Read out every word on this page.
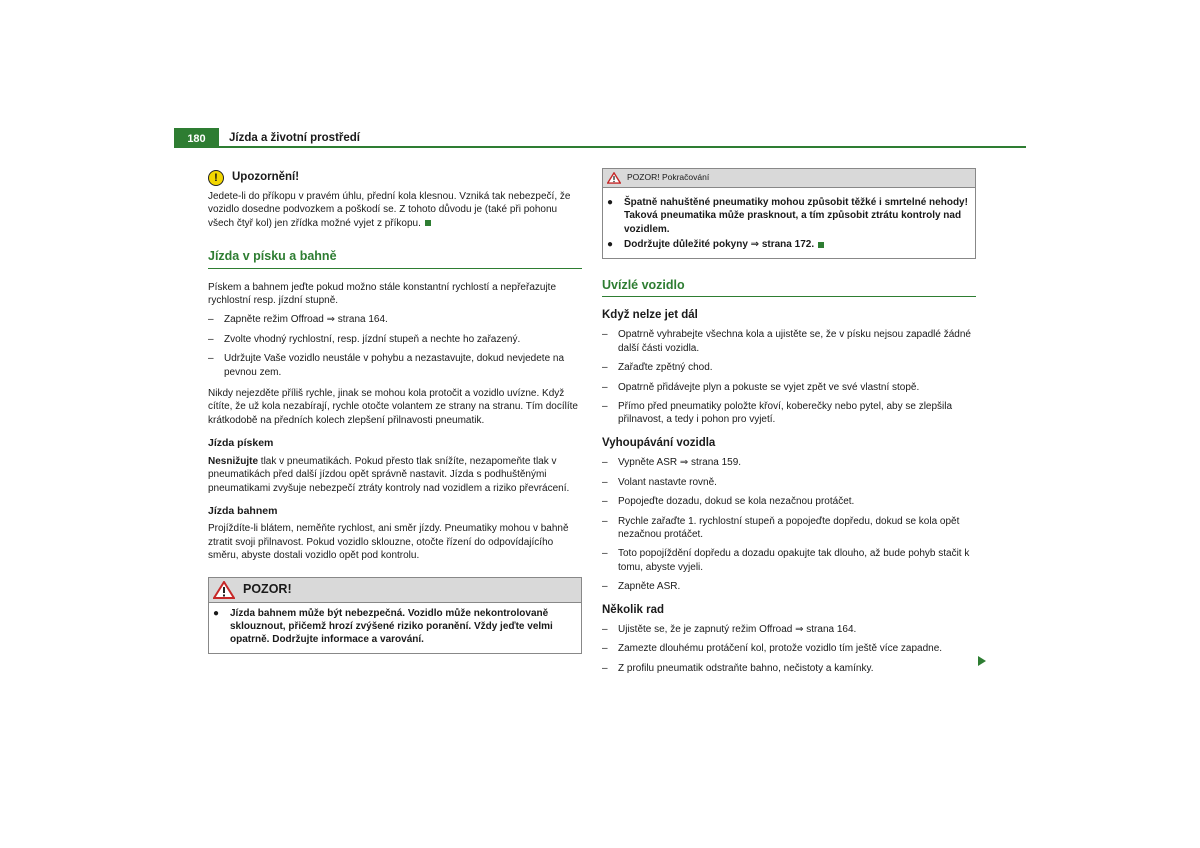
180	Jízda a životní prostředí
!	Upozornění!

Jedete-li do příkopu v pravém úhlu, přední kola klesnou. Vzniká tak nebezpečí, že vozidlo dosedne podvozkem a poškodí se. Z tohoto důvodu je (také při pohonu všech čtyř kol) jen zřídka možné vyjet z příkopu.

Jízda v písku a bahně

Pískem a bahnem jeďte pokud možno stále konstantní rychlostí a nepřeřazujte rychlostní resp. jízdní stupně.

– Zapněte režim Offroad ⇒ strana 164.
– Zvolte vhodný rychlostní, resp. jízdní stupeň a nechte ho zařazený.
– Udržujte Vaše vozidlo neustále v pohybu a nezastavujte, dokud nevjedete na pevnou zem.

Nikdy nejezděte příliš rychle, jinak se mohou kola protočit a vozidlo uvízne. Když cítíte, že už kola nezabírají, rychle otočte volantem ze strany na stranu. Tím docílíte krátkodobě na předních kolech zlepšení přilnavosti pneumatik.

Jízda pískem

Nesnižujte tlak v pneumatikách. Pokud přesto tlak snížíte, nezapomeňte tlak v pneumatikách před další jízdou opět správně nastavit. Jízda s podhuštěnými pneumatikami zvyšuje nebezpečí ztráty kontroly nad vozidlem a riziko převrácení.

Jízda bahnem

Projíždíte-li blátem, neměňte rychlost, ani směr jízdy. Pneumatiky mohou v bahně ztratit svoji přilnavost. Pokud vozidlo sklouzne, otočte řízení do odpovídajícího směru, abyste dostali vozidlo opět pod kontrolu.

POZOR!
●	Jízda bahnem může být nebezpečná. Vozidlo může nekontrolovaně sklouznout, přičemž hrozí zvýšené riziko poranění. Vždy jeďte velmi opatrně. Dodržujte informace a varování.
POZOR! Pokračování
●	Špatně nahuštěné pneumatiky mohou způsobit těžké i smrtelné nehody! Taková pneumatika může prasknout, a tím způsobit ztrátu kontroly nad vozidlem.
●	Dodržujte důležité pokyny ⇒ strana 172.
Uvízlé vozidlo
Když nelze jet dál
– Opatrně vyhrabejte všechna kola a ujistěte se, že v písku nejsou zapadlé žádné další části vozidla.
– Zařaďte zpětný chod.
– Opatrně přidávejte plyn a pokuste se vyjet zpět ve své vlastní stopě.
– Přímo před pneumatiky položte křoví, koberečky nebo pytel, aby se zlepšila přilnavost, a tedy i pohon pro vyjetí.
Vyhoupávání vozidla
– Vypněte ASR ⇒ strana 159.
– Volant nastavte rovně.
– Popojeďte dozadu, dokud se kola nezačnou protáčet.
– Rychle zařaďte 1. rychlostní stupeň a popojeďte dopředu, dokud se kola opět nezačnou protáčet.
– Toto popojíždění dopředu a dozadu opakujte tak dlouho, až bude pohyb stačit k tomu, abyste vyjeli.
– Zapněte ASR.
Několik rad
– Ujistěte se, že je zapnutý režim Offroad ⇒ strana 164.
– Zamezte dlouhému protáčení kol, protože vozidlo tím ještě více zapadne.
– Z profilu pneumatik odstraňte bahno, nečistoty a kamínky.
